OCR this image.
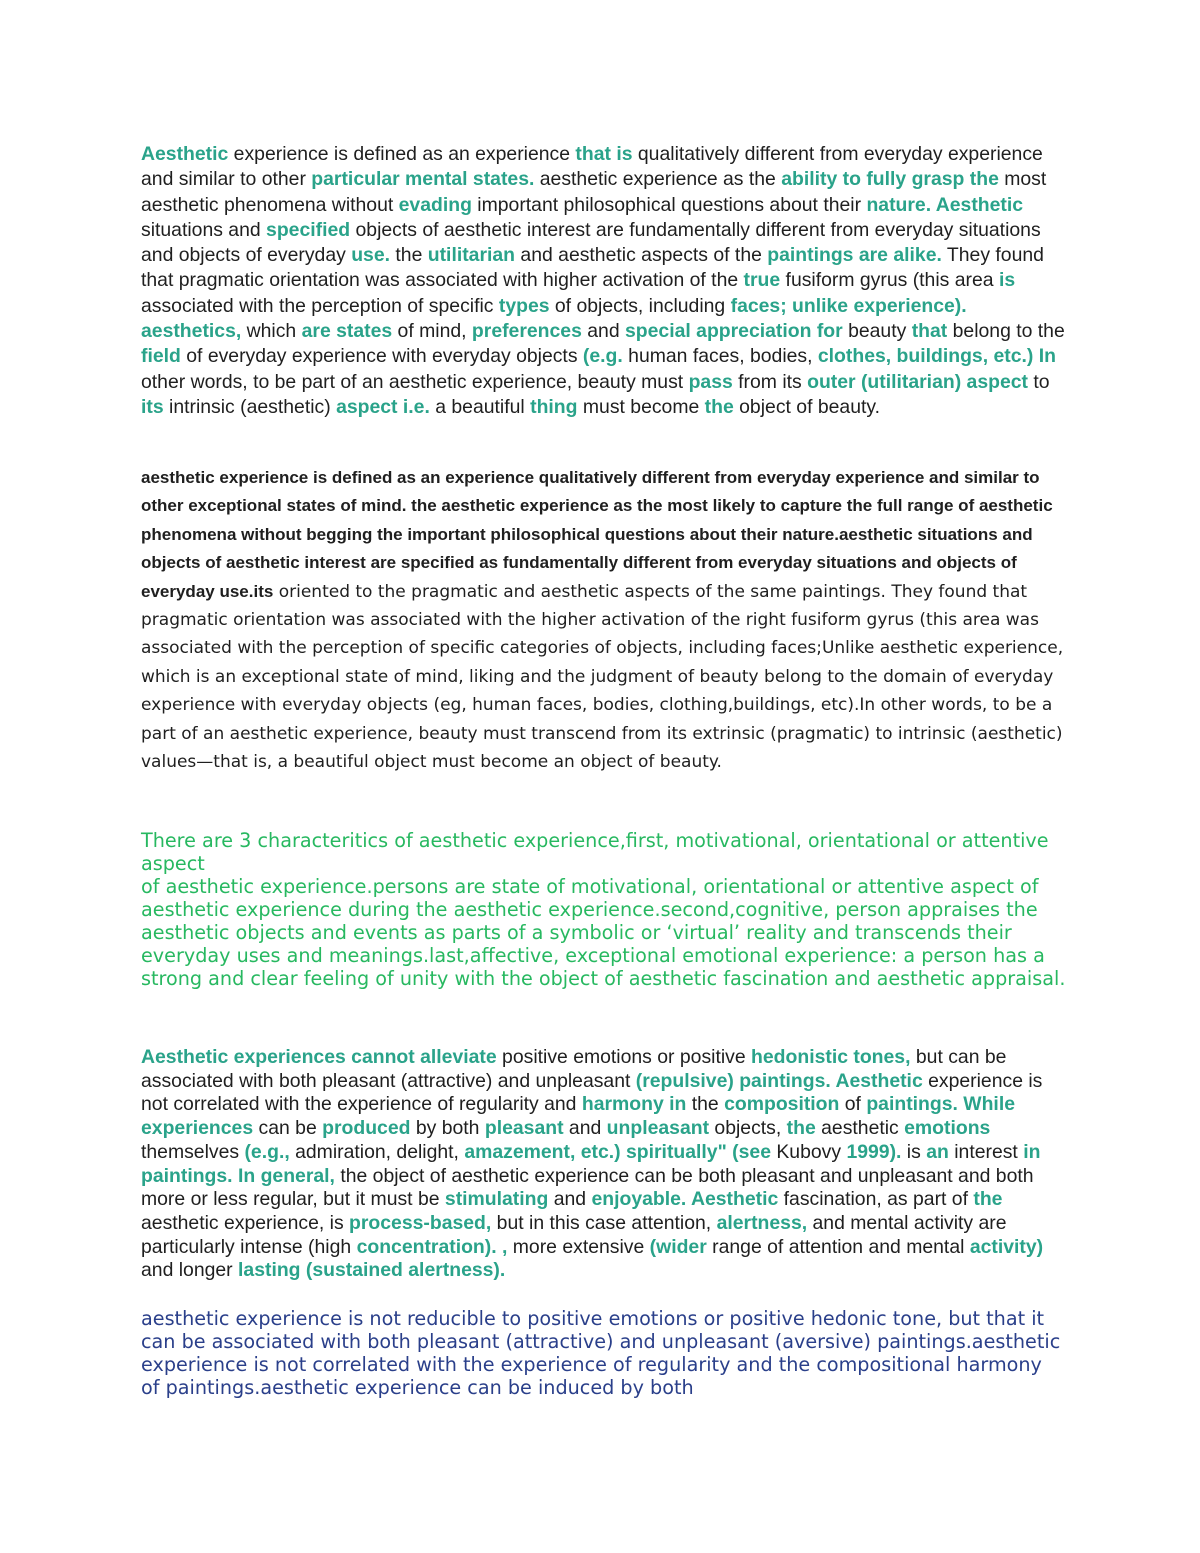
Aesthetic experience is defined as an experience that is qualitatively different from everyday experience and similar to other particular mental states. aesthetic experience as the ability to fully grasp the most aesthetic phenomena without evading important philosophical questions about their nature. Aesthetic situations and specified objects of aesthetic interest are fundamentally different from everyday situations and objects of everyday use. the utilitarian and aesthetic aspects of the paintings are alike. They found that pragmatic orientation was associated with higher activation of the true fusiform gyrus (this area is associated with the perception of specific types of objects, including faces; unlike experience). aesthetics, which are states of mind, preferences and special appreciation for beauty that belong to the field of everyday experience with everyday objects (e.g. human faces, bodies, clothes, buildings, etc.) In other words, to be part of an aesthetic experience, beauty must pass from its outer (utilitarian) aspect to its intrinsic (aesthetic) aspect i.e. a beautiful thing must become the object of beauty.
aesthetic experience is defined as an experience qualitatively different from everyday experience and similar to other exceptional states of mind. the aesthetic experience as the most likely to capture the full range of aesthetic phenomena without begging the important philosophical questions about their nature.aesthetic situations and objects of aesthetic interest are specified as fundamentally different from everyday situations and objects of everyday use.its oriented to the pragmatic and aesthetic aspects of the same paintings. They found that pragmatic orientation was associated with the higher activation of the right fusiform gyrus (this area was associated with the perception of specific categories of objects, including faces;Unlike aesthetic experience, which is an exceptional state of mind, liking and the judgment of beauty belong to the domain of everyday experience with everyday objects (eg, human faces, bodies, clothing,buildings, etc).In other words, to be a part of an aesthetic experience, beauty must transcend from its extrinsic (pragmatic) to intrinsic (aesthetic) values—that is, a beautiful object must become an object of beauty.
There are 3 characteritics of aesthetic experience,first, motivational, orientational or attentive aspect
of aesthetic experience.persons are state of motivational, orientational or attentive aspect of aesthetic experience during the aesthetic experience.second,cognitive, person appraises the aesthetic objects and events as parts of a symbolic or ‘virtual’ reality and transcends their everyday uses and meanings.last,affective, exceptional emotional experience: a person has a strong and clear feeling of unity with the object of aesthetic fascination and aesthetic appraisal.
Aesthetic experiences cannot alleviate positive emotions or positive hedonistic tones, but can be associated with both pleasant (attractive) and unpleasant (repulsive) paintings. Aesthetic experience is not correlated with the experience of regularity and harmony in the composition of paintings. While experiences can be produced by both pleasant and unpleasant objects, the aesthetic emotions themselves (e.g., admiration, delight, amazement, etc.) spiritually" (see Kubovy 1999). is an interest in paintings. In general, the object of aesthetic experience can be both pleasant and unpleasant and both more or less regular, but it must be stimulating and enjoyable. Aesthetic fascination, as part of the aesthetic experience, is process-based, but in this case attention, alertness, and mental activity are particularly intense (high concentration). , more extensive (wider range of attention and mental activity) and longer lasting (sustained alertness).
aesthetic experience is not reducible to positive emotions or positive hedonic tone, but that it can be associated with both pleasant (attractive) and unpleasant (aversive) paintings.aesthetic experience is not correlated with the experience of regularity and the compositional harmony of paintings.aesthetic experience can be induced by both
